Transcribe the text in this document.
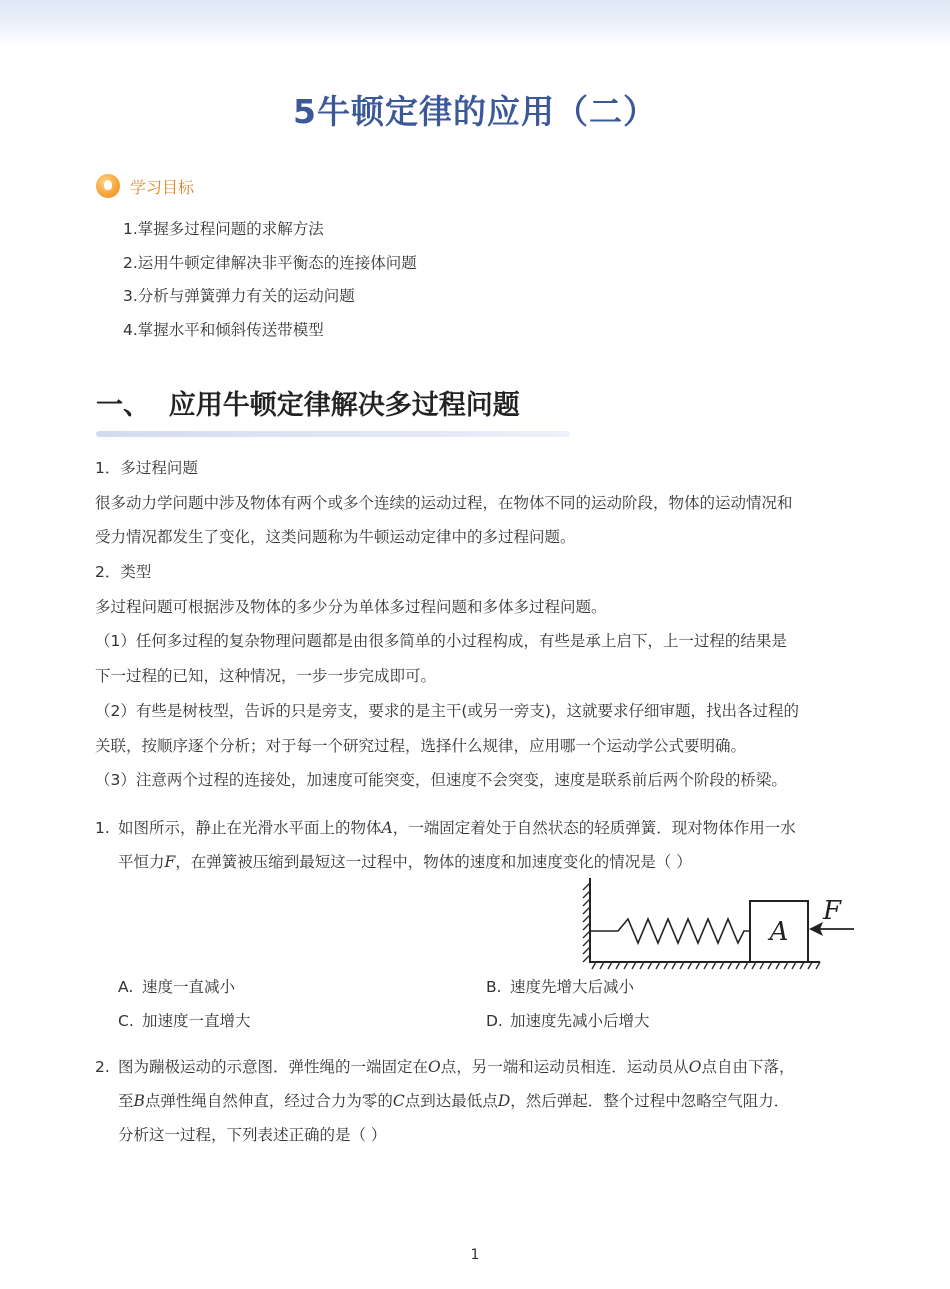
5牛顿定律的应用（二）
学习目标
1.掌握多过程问题的求解方法
2.运用牛顿定律解决非平衡态的连接体问题
3.分析与弹簧弹力有关的运动问题
4.掌握水平和倾斜传送带模型
一、  应用牛顿定律解决多过程问题
1．多过程问题
很多动力学问题中涉及物体有两个或多个连续的运动过程，在物体不同的运动阶段，物体的运动情况和
受力情况都发生了变化，这类问题称为牛顿运动定律中的多过程问题。
2．类型
多过程问题可根据涉及物体的多少分为单体多过程问题和多体多过程问题。
（1）任何多过程的复杂物理问题都是由很多简单的小过程构成，有些是承上启下，上一过程的结果是
下一过程的已知，这种情况，一步一步完成即可。
（2）有些是树枝型，告诉的只是旁支，要求的是主干(或另一旁支)，这就要求仔细审题，找出各过程的
关联，按顺序逐个分析；对于每一个研究过程，选择什么规律，应用哪一个运动学公式要明确。
（3）注意两个过程的连接处，加速度可能突变，但速度不会突变，速度是联系前后两个阶段的桥梁。
1. 如图所示，静止在光滑水平面上的物体A，一端固定着处于自然状态的轻质弹簧．现对物体作用一水
平恒力F，在弹簧被压缩到最短这一过程中，物体的速度和加速度变化的情况是（ ）
A
F
A. 速度一直减小	B. 速度先增大后减小
C. 加速度一直增大	D. 加速度先减小后增大
2. 图为蹦极运动的示意图．弹性绳的一端固定在O点，另一端和运动员相连．运动员从O点自由下落，
至B点弹性绳自然伸直，经过合力为零的C点到达最低点D，然后弹起．整个过程中忽略空气阻力．
分析这一过程，下列表述正确的是（ ）
1
